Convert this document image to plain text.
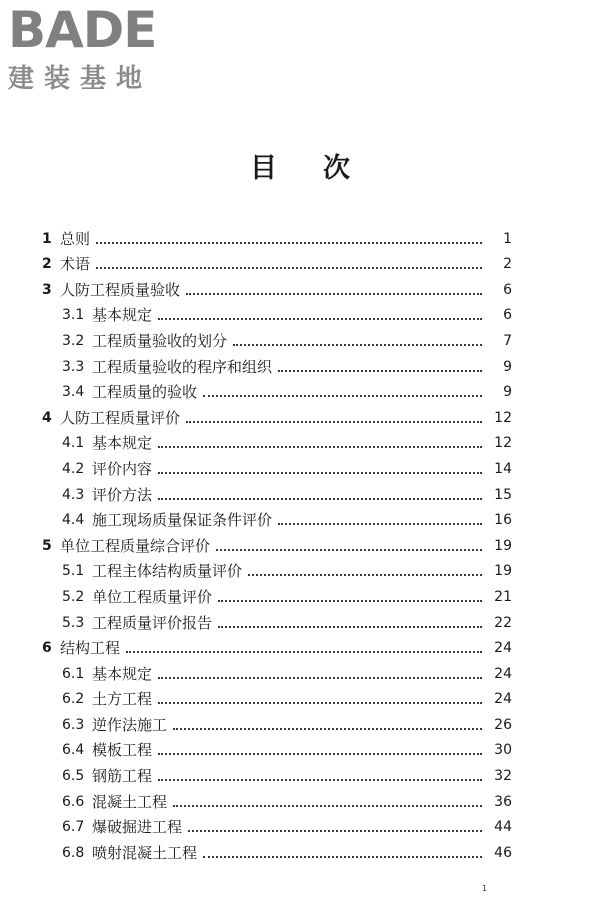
BADE
建装基地
目次
1 总则	1
2 术语	2
3 人防工程质量验收	6
3.1 基本规定	6
3.2 工程质量验收的划分	7
3.3 工程质量验收的程序和组织	9
3.4 工程质量的验收	9
4 人防工程质量评价	12
4.1 基本规定	12
4.2 评价内容	14
4.3 评价方法	15
4.4 施工现场质量保证条件评价	16
5 单位工程质量综合评价	19
5.1 工程主体结构质量评价	19
5.2 单位工程质量评价	21
5.3 工程质量评价报告	22
6 结构工程	24
6.1 基本规定	24
6.2 土方工程	24
6.3 逆作法施工	26
6.4 模板工程	30
6.5 钢筋工程	32
6.6 混凝土工程	36
6.7 爆破掘进工程	44
6.8 喷射混凝土工程	46
1
